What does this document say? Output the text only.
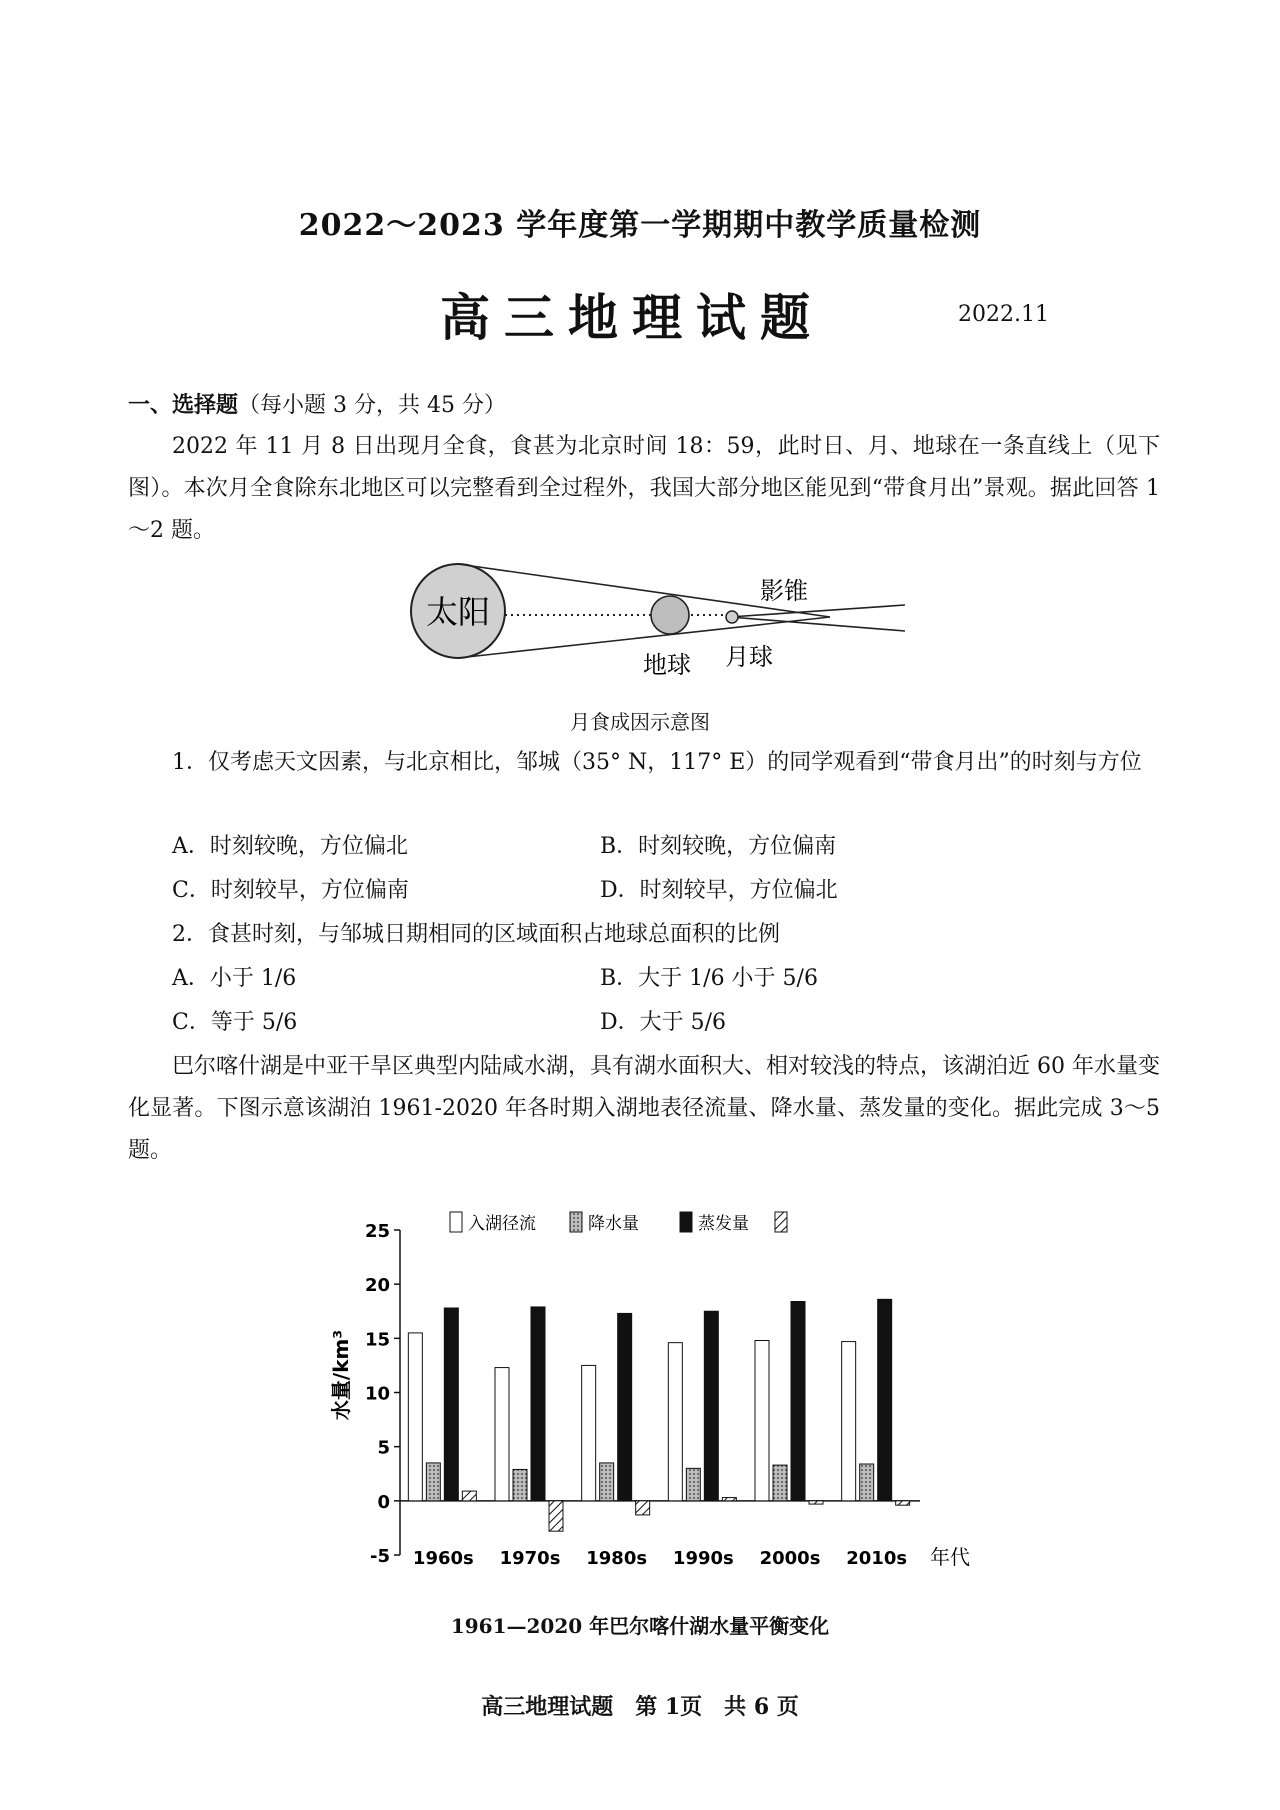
2022～2023 学年度第一学期期中教学质量检测
高三地理试题	2022.11
一、选择题（每小题 3 分，共 45 分）
2022 年 11 月 8 日出现月全食，食甚为北京时间 18：59，此时日、月、地球在一条直线上（见下图）。本次月全食除东北地区可以完整看到全过程外，我国大部分地区能见到“带食月出”景观。据此回答 1～2 题。
太阳
影锥
地球 月球
月食成因示意图
1．仅考虑天文因素，与北京相比，邹城（35° N，117° E）的同学观看到“带食月出”的时刻与方位
A．时刻较晚，方位偏北	B．时刻较晚，方位偏南
C．时刻较早，方位偏南	D．时刻较早，方位偏北
2．食甚时刻，与邹城日期相同的区域面积占地球总面积的比例
A．小于 1/6	B．大于 1/6 小于 5/6
C．等于 5/6	D．大于 5/6
巴尔喀什湖是中亚干旱区典型内陆咸水湖，具有湖水面积大、相对较浅的特点，该湖泊近 60 年水量变化显著。下图示意该湖泊 1961-2020 年各时期入湖地表径流量、降水量、蒸发量的变化。据此完成 3～5 题。
25
20
15
10
5
0
-5 1960s 1970s 1980s 1990s 2000s 2010s
入湖径流	降水量	蒸发量
水量/km³
年代
1961—2020 年巴尔喀什湖水量平衡变化
高三地理试题　第 1页　共 6 页
